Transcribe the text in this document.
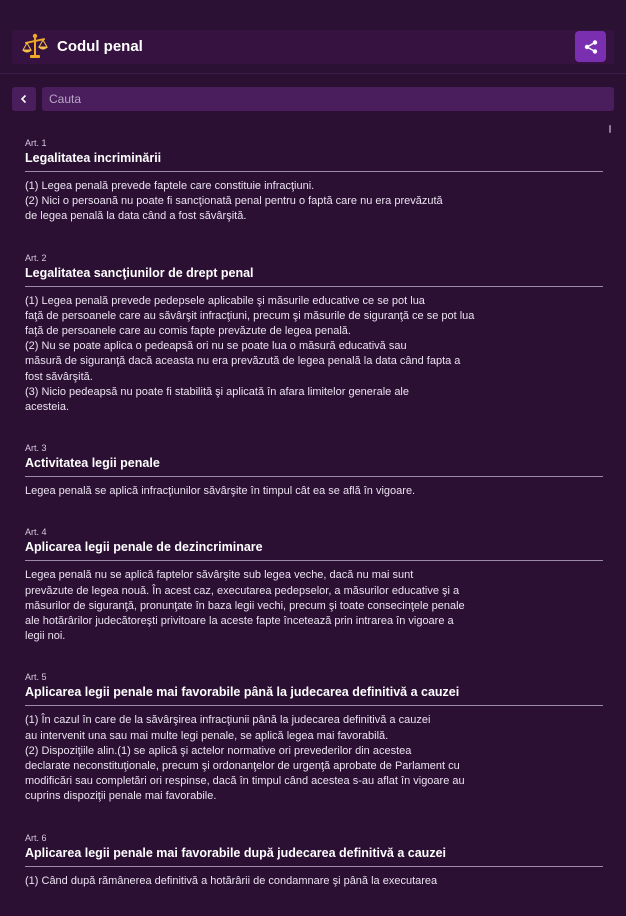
Codul penal
Cauta
Art. 1
Legalitatea incriminării
(1) Legea penală prevede faptele care constituie infracţiuni.
(2) Nici o persoană nu poate fi sancţionată penal pentru o faptă care nu era prevăzută
de legea penală la data când a fost săvârşită.
Art. 2
Legalitatea sancţiunilor de drept penal
(1) Legea penală prevede pedepsele aplicabile şi măsurile educative ce se pot lua
faţă de persoanele care au săvârşit infracţiuni, precum şi măsurile de siguranţă ce se pot lua
faţă de persoanele care au comis fapte prevăzute de legea penală.
(2) Nu se poate aplica o pedeapsă ori nu se poate lua o măsură educativă sau
măsură de siguranţă dacă aceasta nu era prevăzută de legea penală la data când fapta a
fost săvârşită.
(3) Nicio pedeapsă nu poate fi stabilită şi aplicată în afara limitelor generale ale
acesteia.
Art. 3
Activitatea legii penale
Legea penală se aplică infracţiunilor săvârşite în timpul cât ea se află în vigoare.
Art. 4
Aplicarea legii penale de dezincriminare
Legea penală nu se aplică faptelor săvârşite sub legea veche, dacă nu mai sunt
prevăzute de legea nouă. În acest caz, executarea pedepselor, a măsurilor educative şi a
măsurilor de siguranţă, pronunţate în baza legii vechi, precum şi toate consecinţele penale
ale hotărârilor judecătoreşti privitoare la aceste fapte încetează prin intrarea în vigoare a
legii noi.
Art. 5
Aplicarea legii penale mai favorabile până la judecarea definitivă a cauzei
(1) În cazul în care de la săvârşirea infracţiunii până la judecarea definitivă a cauzei
au intervenit una sau mai multe legi penale, se aplică legea mai favorabilă.
(2) Dispoziţiile alin.(1) se aplică şi actelor normative ori prevederilor din acestea
declarate neconstituţionale, precum şi ordonanţelor de urgenţă aprobate de Parlament cu
modificări sau completări ori respinse, dacă în timpul când acestea s-au aflat în vigoare au
cuprins dispoziţii penale mai favorabile.
Art. 6
Aplicarea legii penale mai favorabile după judecarea definitivă a cauzei
(1) Când după rămânerea definitivă a hotărârii de condamnare şi până la executarea
